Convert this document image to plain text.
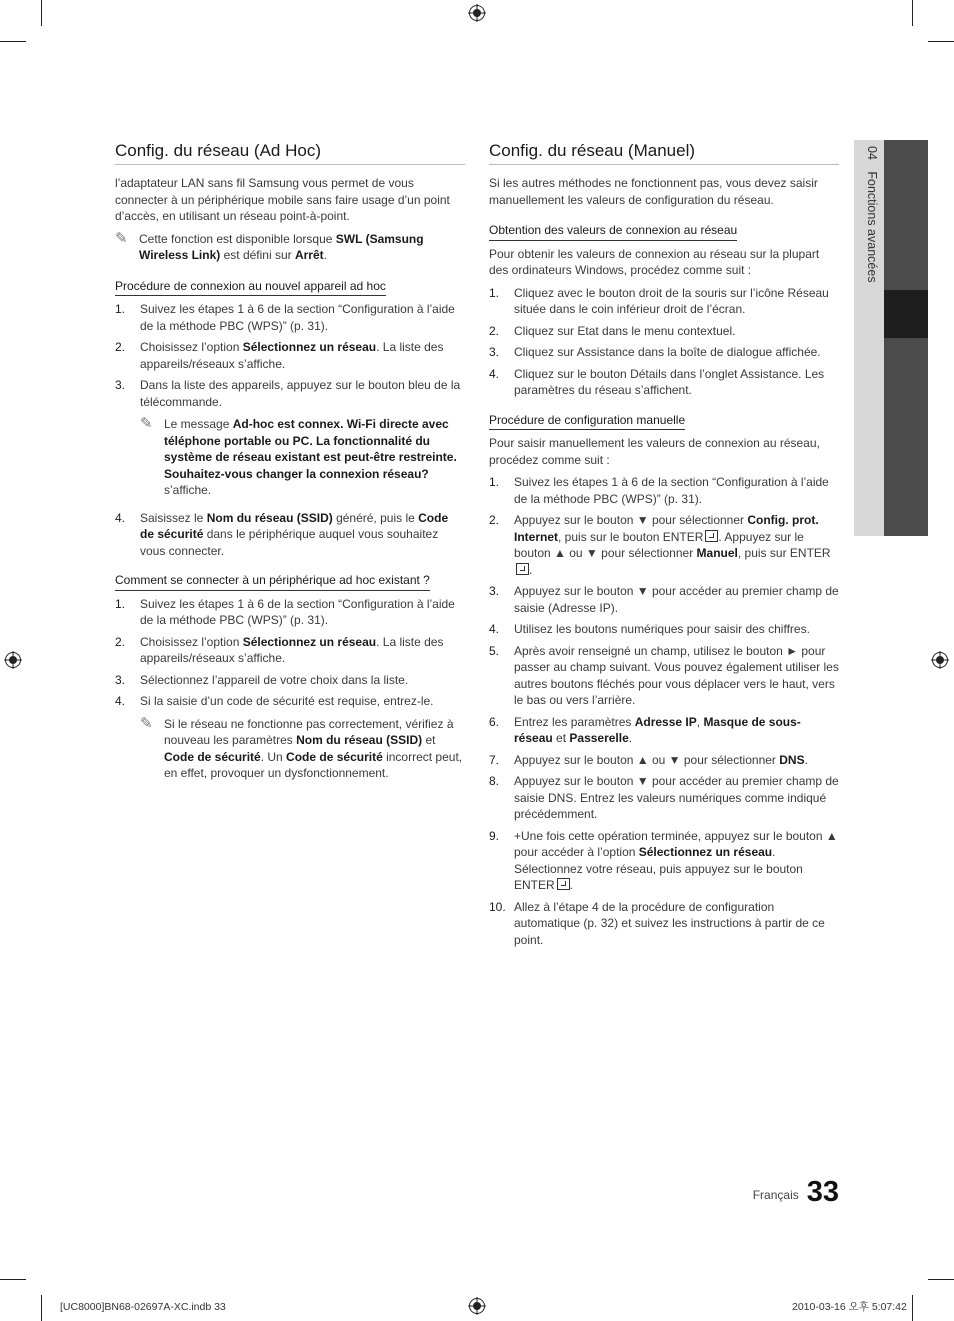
Config. du réseau (Ad Hoc)

l’adaptateur LAN sans fil Samsung vous permet de vous connecter à un périphérique mobile sans faire usage d’un point d’accès, en utilisant un réseau point-à-point.

✎ Cette fonction est disponible lorsque SWL (Samsung Wireless Link) est défini sur Arrêt.
Procédure de connexion au nouvel appareil ad hoc
1.	Suivez les étapes 1 à 6 de la section “Configuration à l’aide de la méthode PBC (WPS)” (p. 31).
2.	Choisissez l’option Sélectionnez un réseau. La liste des appareils/réseaux s’affiche.
3.	Dans la liste des appareils, appuyez sur le bouton bleu de la télécommande.
✎ Le message Ad-hoc est connex. Wi-Fi directe avec téléphone portable ou PC. La fonctionnalité du système de réseau existant est peut-être restreinte. Souhaitez-vous changer la connexion réseau? s’affiche.
4.	Saisissez le Nom du réseau (SSID) généré, puis le Code de sécurité dans le périphérique auquel vous souhaitez vous connecter.
Comment se connecter à un périphérique ad hoc existant ?
1.	Suivez les étapes 1 à 6 de la section “Configuration à l’aide de la méthode PBC (WPS)” (p. 31).
2.	Choisissez l’option Sélectionnez un réseau. La liste des appareils/réseaux s’affiche.
3.	Sélectionnez l’appareil de votre choix dans la liste.
4.	Si la saisie d’un code de sécurité est requise, entrez-le.
✎ Si le réseau ne fonctionne pas correctement, vérifiez à nouveau les paramètres Nom du réseau (SSID) et Code de sécurité. Un Code de sécurité incorrect peut, en effet, provoquer un dysfonctionnement.
Config. du réseau (Manuel)

Si les autres méthodes ne fonctionnent pas, vous devez saisir manuellement les valeurs de configuration du réseau.

Obtention des valeurs de connexion au réseau

Pour obtenir les valeurs de connexion au réseau sur la plupart des ordinateurs Windows, procédez comme suit :

1.	Cliquez avec le bouton droit de la souris sur l’icône Réseau située dans le coin inférieur droit de l’écran.
2.	Cliquez sur Etat dans le menu contextuel.
3.	Cliquez sur Assistance dans la boîte de dialogue affichée.
4.	Cliquez sur le bouton Détails dans l’onglet Assistance. Les paramètres du réseau s’affichent.
Procédure de configuration manuelle

Pour saisir manuellement les valeurs de connexion au réseau, procédez comme suit :

1.	Suivez les étapes 1 à 6 de la section “Configuration à l’aide de la méthode PBC (WPS)” (p. 31).
2.	Appuyez sur le bouton ▼ pour sélectionner Config. prot. Internet, puis sur le bouton ENTER . Appuyez sur le bouton ▲ ou ▼ pour sélectionner Manuel, puis sur ENTER.
3.	Appuyez sur le bouton ▼ pour accéder au premier champ de saisie (Adresse IP).
4.	Utilisez les boutons numériques pour saisir des chiffres.
5.	Après avoir renseigné un champ, utilisez le bouton ► pour passer au champ suivant. Vous pouvez également utiliser les autres boutons fléchés pour vous déplacer vers le haut, vers le bas ou vers l’arrière.
6.	Entrez les paramètres Adresse IP, Masque de sous-réseau et Passerelle.
7.	Appuyez sur le bouton ▲ ou ▼ pour sélectionner DNS.
8.	Appuyez sur le bouton ▼ pour accéder au premier champ de saisie DNS. Entrez les valeurs numériques comme indiqué précédemment.
9.	+Une fois cette opération terminée, appuyez sur le bouton ▲ pour accéder à l’option Sélectionnez un réseau. Sélectionnez votre réseau, puis appuyez sur le bouton ENTER .
10. Allez à l’étape 4 de la procédure de configuration automatique (p. 32) et suivez les instructions à partir de ce point.
04 Fonctions avancées
Français 33
[UC8000]BN68-02697A-XC.indb 33	2010-03-16 오후 5:07:42
